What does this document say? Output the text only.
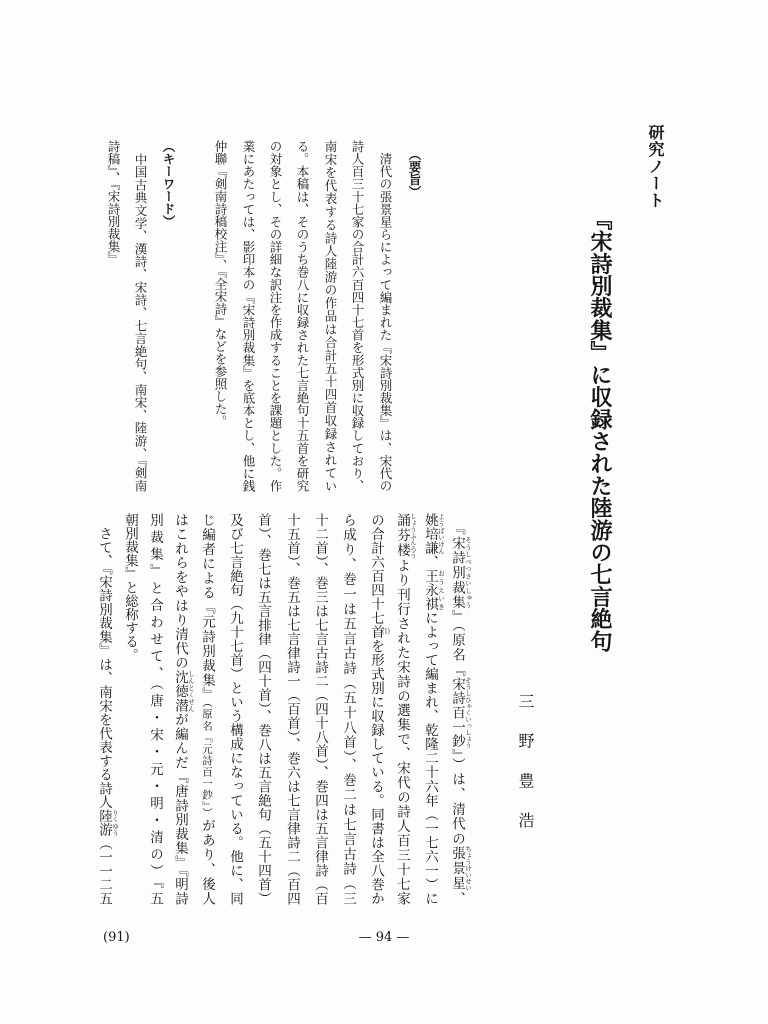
研究ノート
『宋詩別裁集』に収録された陸游の七言絶句
三野豊浩
（要旨）
　清代の張景星らによって編まれた『宋詩別裁集』は、宋代の
詩人百三十七家の合計六百四十七首を形式別に収録しており、
南宋を代表する詩人陸游の作品は合計五十四首収録されてい
る。本稿は、そのうち巻八に収録された七言絶句十五首を研究
の対象とし、その詳細な訳注を作成することを課題とした。作
業にあたっては、影印本の『宋詩別裁集』を底本とし、他に銭
仲聯『剣南詩稿校注』、『全宋詩』などを参照した。
（キーワード）
　中国古典文学、漢詩、宋詩、七言絶句、南宋、陸游、『剣南
詩稿』、『宋詩別裁集』
　『宋詩別裁集 そうしべつさいしゅう』（原名『宋詩百一鈔 そうしひゃくいっしょう』）は、清代の張景星 ちょうけいせい、
姚培謙 ようばいけん、王永祺 おうえいきによって編まれ、乾隆二十六年（一七六一）に
誦芬楼 しょうふんろうより刊行された宋詩の選集で、宋代の詩人百三十七家
の合計六百四十七首(1)を形式別に収録している。同書は全八巻か
ら成り、巻一は五言古詩（五十八首）、巻二は七言古詩（三
十二首）、巻三は七言古詩二（四十八首）、巻四は五言律詩（百
十五首）、巻五は七言律詩一（百首）、巻六は七言律詩二（百四
首）、巻七は五言排律（四十首）、巻八は五言絶句（五十四首）
及び七言絶句（九十七首）という構成になっている。他に、同
じ編者による『元詩別裁集』（原名『元詩百一鈔』）があり、後人
はこれらをやはり清代の沈徳潜 しんとくせんが編んだ『唐詩別裁集』『明詩
別裁集』と合わせて、（唐・宋・元・明・清の）『五
朝別裁集』と総称する。
　さて、『宋詩別裁集』は、南宋を代表する詩人陸游 りくゆう（一一二五
— 94 —
(91)
